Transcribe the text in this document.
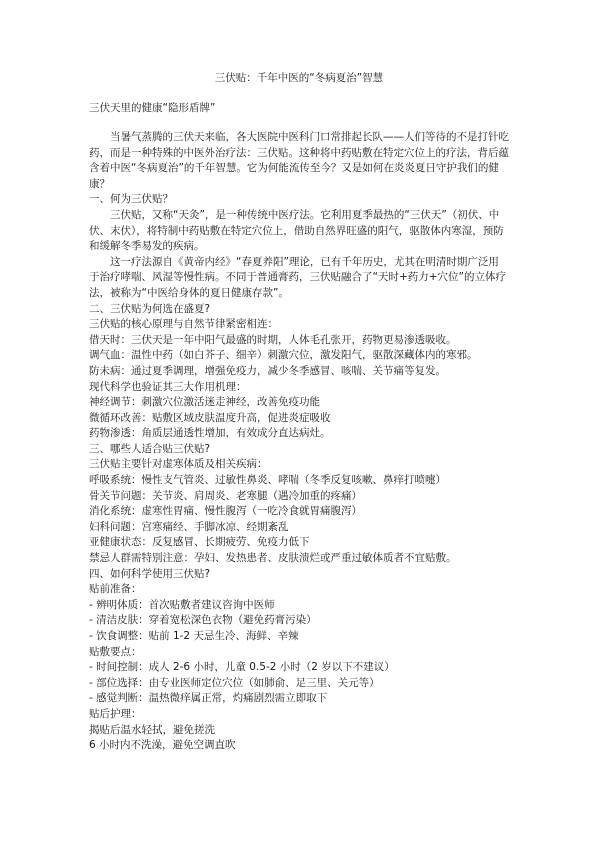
三伏贴：千年中医的“冬病夏治”智慧

三伏天里的健康“隐形盾牌”

当暑气蒸腾的三伏天来临，各大医院中医科门口常排起长队——人们等待的不是打针吃药，而是一种特殊的中医外治疗法：三伏贴。这种将中药贴敷在特定穴位上的疗法，背后蕴含着中医“冬病夏治”的千年智慧。它为何能流传至今？又是如何在炎炎夏日守护我们的健康？

一、何为三伏贴？

三伏贴，又称“天灸”，是一种传统中医疗法。它利用夏季最热的“三伏天”（初伏、中伏、末伏），将特制中药贴敷在特定穴位上，借助自然界旺盛的阳气，驱散体内寒湿，预防和缓解冬季易发的疾病。

这一疗法源自《黄帝内经》“春夏养阳”理论，已有千年历史，尤其在明清时期广泛用于治疗哮喘、风湿等慢性病。不同于普通膏药，三伏贴融合了“天时+药力+穴位”的立体疗法，被称为“中医给身体的夏日健康存款”。

二、三伏贴为何选在盛夏?

三伏贴的核心原理与自然节律紧密相连：

借天时：三伏天是一年中阳气最盛的时期，人体毛孔张开，药物更易渗透吸收。

调气血：温性中药（如白芥子、细辛）刺激穴位，激发阳气，驱散深藏体内的寒邪。

防未病：通过夏季调理，增强免疫力，减少冬季感冒、咳喘、关节痛等复发。

现代科学也验证其三大作用机理：

神经调节：刺激穴位激活迷走神经，改善免疫功能

微循环改善：贴敷区域皮肤温度升高，促进炎症吸收

药物渗透：角质层通透性增加，有效成分直达病灶。

三、哪些人适合贴三伏贴?

三伏贴主要针对虚寒体质及相关疾病：

呼吸系统：慢性支气管炎、过敏性鼻炎、哮喘（冬季反复咳嗽、鼻痒打喷嚏）

骨关节问题：关节炎、肩周炎、老寒腿（遇冷加重的疼痛）

消化系统：虚寒性胃痛、慢性腹泻（一吃冷食就胃痛腹泻）

妇科问题：宫寒痛经、手脚冰凉、经期紊乱

亚健康状态：反复感冒、长期疲劳、免疫力低下

禁忌人群需特别注意：孕妇、发热患者、皮肤溃烂或严重过敏体质者不宜贴敷。

四、如何科学使用三伏贴?

贴前准备：

- 辨明体质：首次贴敷者建议咨询中医师

- 清洁皮肤：穿着宽松深色衣物（避免药膏污染）

- 饮食调整：贴前 1-2 天忌生冷、海鲜、辛辣

贴敷要点：

- 时间控制：成人 2-6 小时，儿童 0.5-2 小时（2 岁以下不建议）

- 部位选择：由专业医师定位穴位（如肺俞、足三里、关元等）

- 感觉判断：温热微痒属正常，灼痛剧烈需立即取下

贴后护理：

揭贴后温水轻拭，避免搓洗

6 小时内不洗澡，避免空调直吹
